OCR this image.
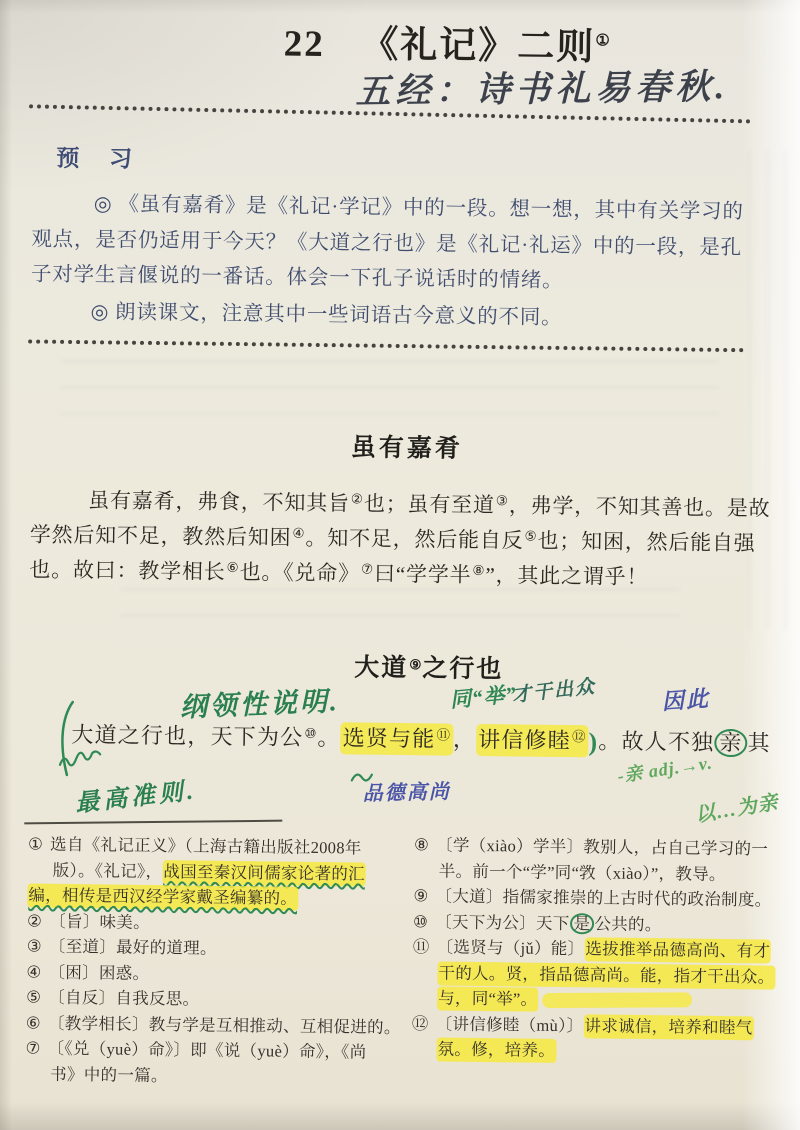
22 《礼记》二则①
五经：诗书礼易春秋.
预 习
◎ 《虽有嘉肴》是《礼记·学记》中的一段。想一想，其中有关学习的
观点，是否仍适用于今天？《大道之行也》是《礼记·礼运》中的一段，是孔
子对学生言偃说的一番话。体会一下孔子说话时的情绪。
◎ 朗读课文，注意其中一些词语古今意义的不同。
虽有嘉肴
虽有嘉肴，弗食，不知其旨②也；虽有至道③，弗学，不知其善也。是故
学然后知不足，教然后知困④。知不足，然后能自反⑤也；知困，然后能自强
也。故曰：教学相长⑥也。《兑命》⑦曰“学学半⑧”，其此之谓乎！
大道⑨之行也
纲领性说明.	同“举”
才干出众	因此
大道之行也，天下为公⑩。选贤与能⑪ ，讲信修睦⑫ )。故人不独 亲 其
最高准则.	品德高尚
-亲 adj.→v.
以…为亲
① 选自《礼记正义》（上海古籍出版社2008年
版）。《礼记》，战国至秦汉间儒家论著的汇
编，相传是西汉经学家戴圣编纂的。
② 〔旨〕味美。
③ 〔至道〕最好的道理。
④ 〔困〕困惑。
⑤ 〔自反〕自我反思。
⑥ 〔教学相长〕教与学是互相推动、互相促进的。
⑦ 〔《兑（yuè）命》〕即《说（yuè）命》，《尚
书》中的一篇。
⑧ 〔学（xiào）学半〕教别人，占自己学习的一
半。前一个“学”同“敩（xiào）”，教导。
⑨ 〔大道〕指儒家推崇的上古时代的政治制度。
⑩ 〔天下为公〕天下 是 公共的。
⑪ 〔选贤与（jǔ）能〕选拔推举品德高尚、有才
干的人。贤，指品德高尚。能，指才干出众。
与，同“举”。
⑫ 〔讲信修睦（mù）〕讲求诚信，培养和睦气
氛。修，培养。
